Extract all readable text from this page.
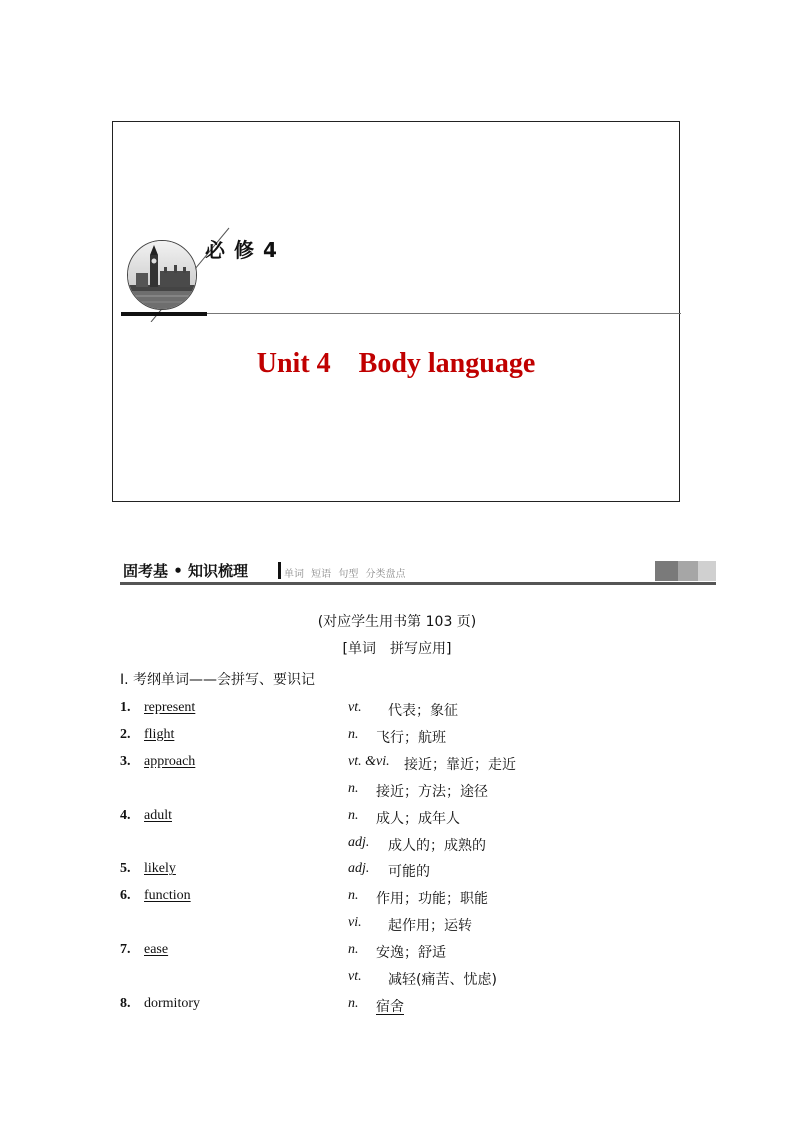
必修4
Unit 4    Body language
固考基 • 知识梳理	单词 短语 句型 分类盘点
(对应学生用书第 103 页)
[单词　拼写应用]
Ⅰ. 考纲单词——会拼写、要识记
1. represent	vt. 代表；象征
2. flight	n. 飞行；航班
3. approach	vt. &vi. 接近；靠近；走近
n. 接近；方法；途径
4. adult	n. 成人；成年人
adj. 成人的；成熟的
5. likely	adj. 可能的
6. function	n. 作用；功能；职能
vi. 起作用；运转
7. ease	n. 安逸；舒适
vt. 减轻(痛苦、忧虑)
8. dormitory	n. 宿舍
